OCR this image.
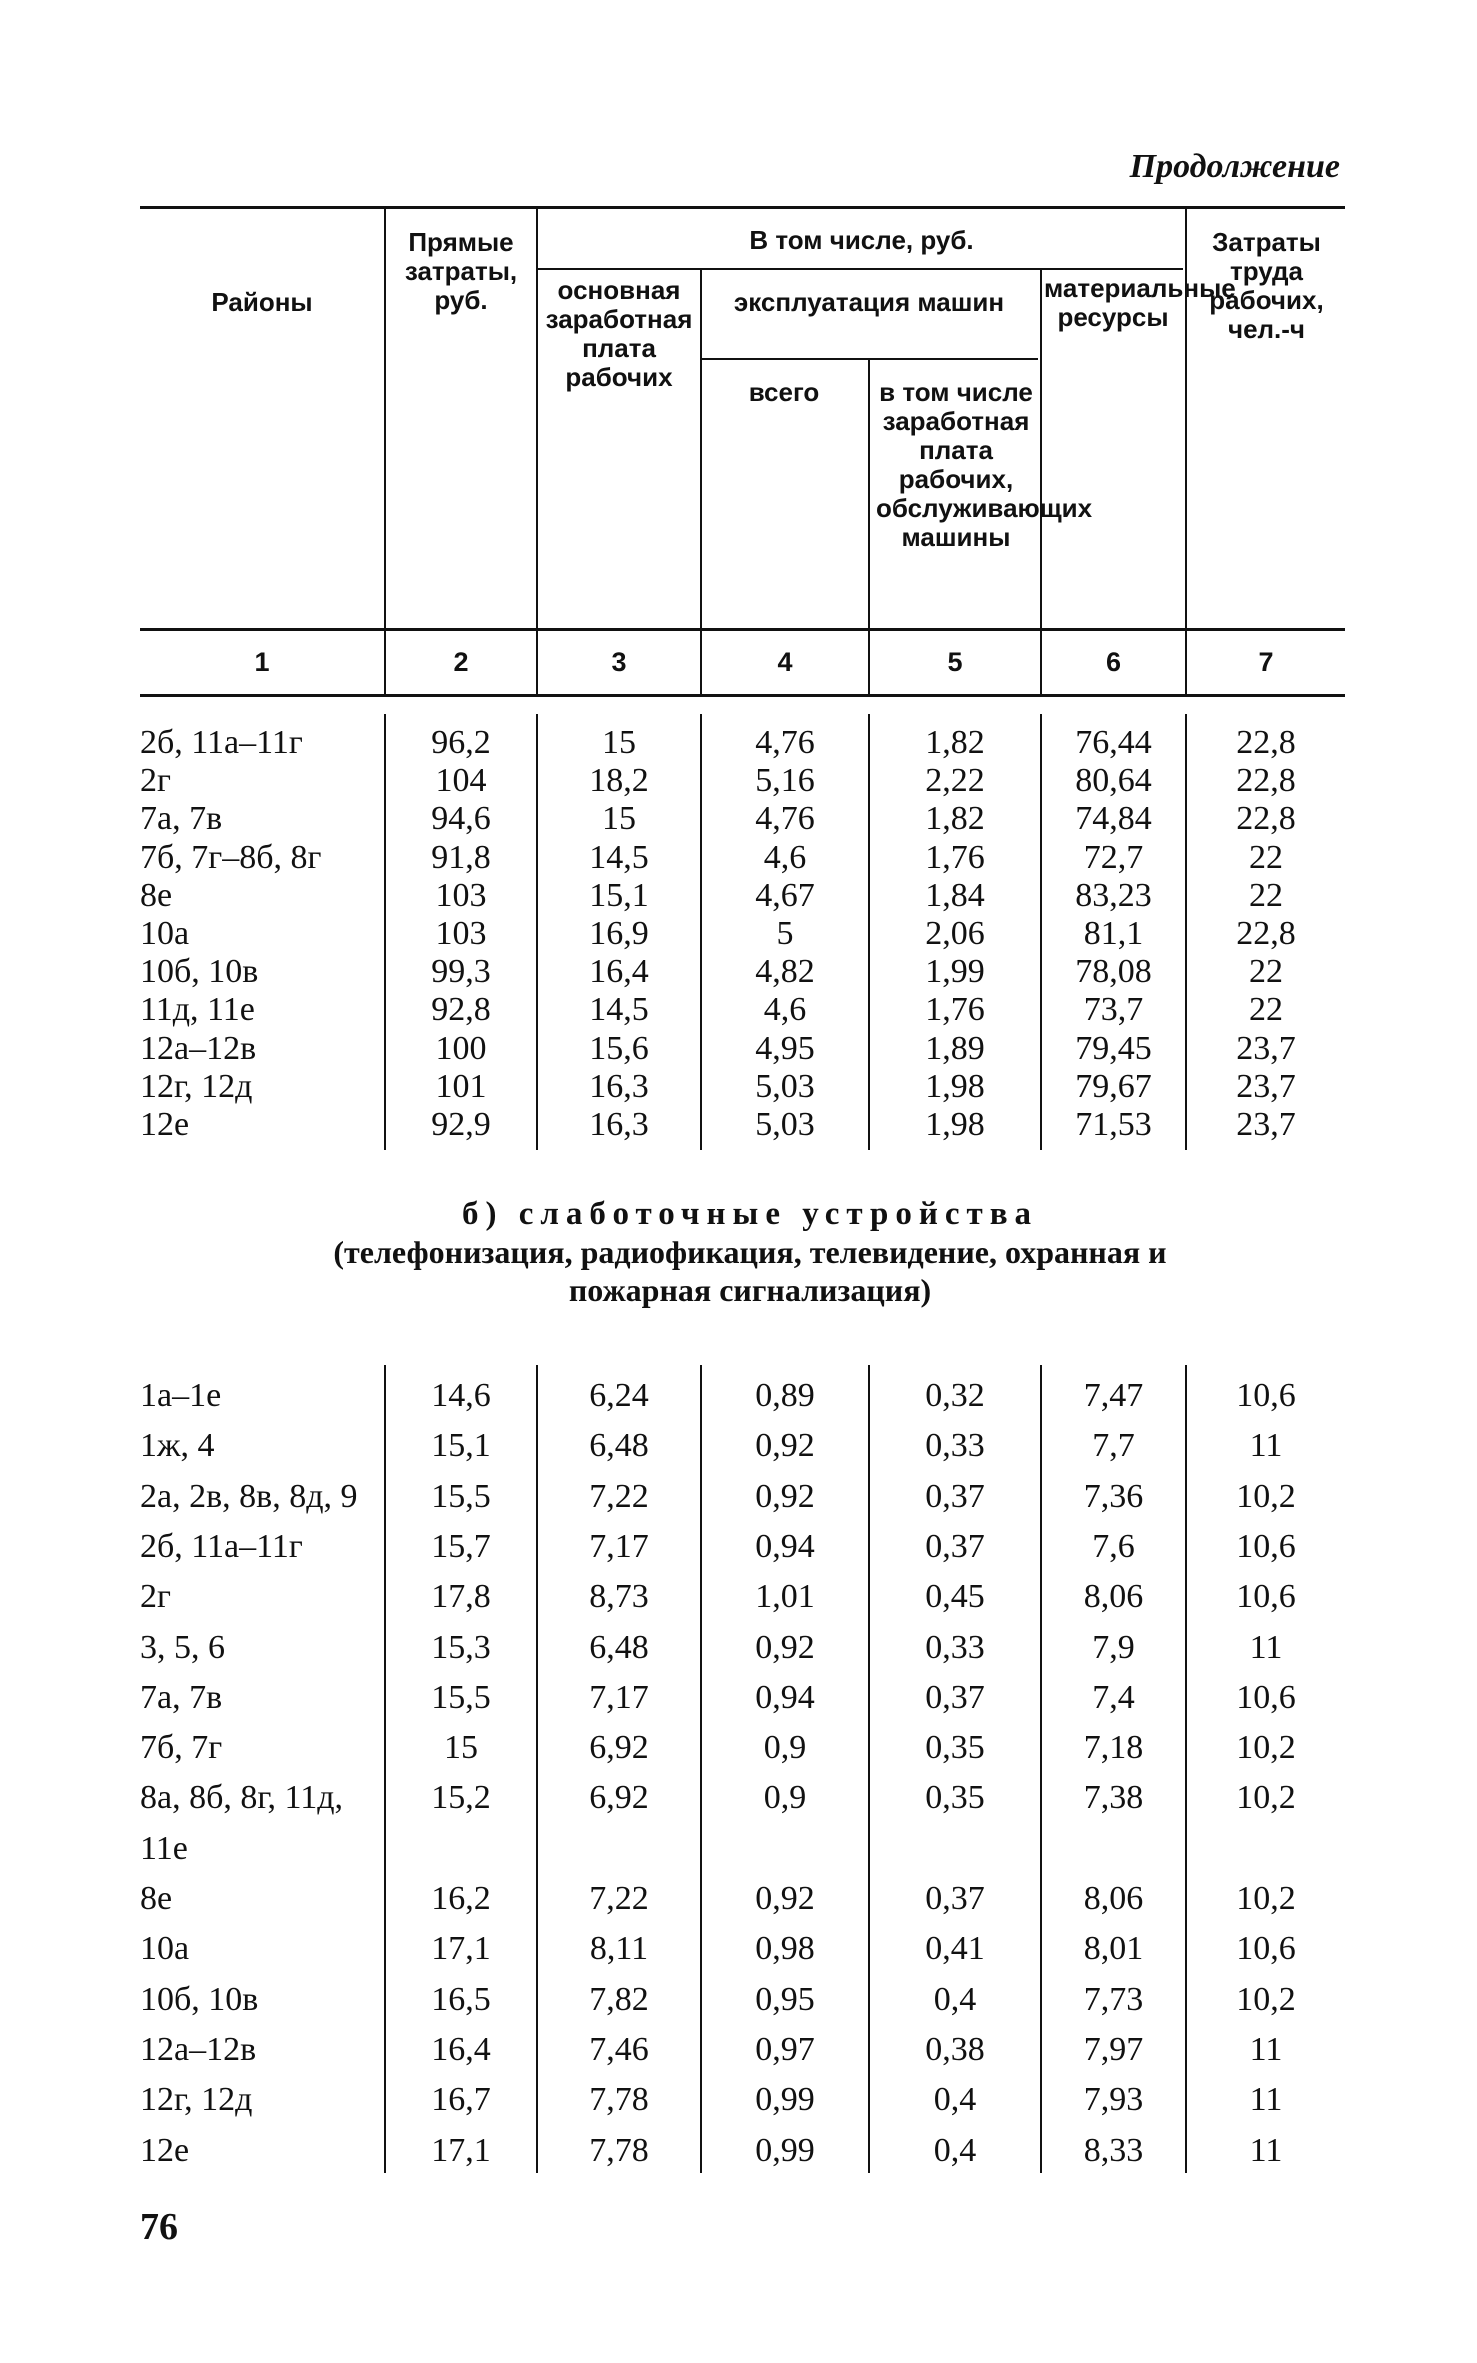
Продолжение
Районы
Прямые затраты, руб.
В том числе, руб.
основная заработная плата рабочих
эксплуатация машин
всего	в том числе заработная плата рабочих, обслуживающих машины
материальные ресурсы
Затраты труда рабочих, чел.-ч
1	2	3	4	5	6	7
2б, 11а–11г	96,2	15	4,76	1,82	76,44	22,8
2г	104	18,2	5,16	2,22	80,64	22,8
7а, 7в	94,6	15	4,76	1,82	74,84	22,8
7б, 7г–8б, 8г	91,8	14,5	4,6	1,76	72,7	22
8е	103	15,1	4,67	1,84	83,23	22
10а	103	16,9	5	2,06	81,1	22,8
10б, 10в	99,3	16,4	4,82	1,99	78,08	22
11д, 11е	92,8	14,5	4,6	1,76	73,7	22
12а–12в	100	15,6	4,95	1,89	79,45	23,7
12г, 12д	101	16,3	5,03	1,98	79,67	23,7
12е	92,9	16,3	5,03	1,98	71,53	23,7
б) слаботочные устройства
(телефонизация, радиофикация, телевидение, охранная и
пожарная сигнализация)
1а–1е	14,6	6,24	0,89	0,32	7,47	10,6
1ж, 4	15,1	6,48	0,92	0,33	7,7	11
2а, 2в, 8в, 8д, 9	15,5	7,22	0,92	0,37	7,36	10,2
2б, 11а–11г	15,7	7,17	0,94	0,37	7,6	10,6
2г	17,8	8,73	1,01	0,45	8,06	10,6
3, 5, 6	15,3	6,48	0,92	0,33	7,9	11
7а, 7в	15,5	7,17	0,94	0,37	7,4	10,6
7б, 7г	15	6,92	0,9	0,35	7,18	10,2
8а, 8б, 8г, 11д,	15,2	6,92	0,9	0,35	7,38	10,2
11е
8е	16,2	7,22	0,92	0,37	8,06	10,2
10а	17,1	8,11	0,98	0,41	8,01	10,6
10б, 10в	16,5	7,82	0,95	0,4	7,73	10,2
12а–12в	16,4	7,46	0,97	0,38	7,97	11
12г, 12д	16,7	7,78	0,99	0,4	7,93	11
12е	17,1	7,78	0,99	0,4	8,33	11
76
